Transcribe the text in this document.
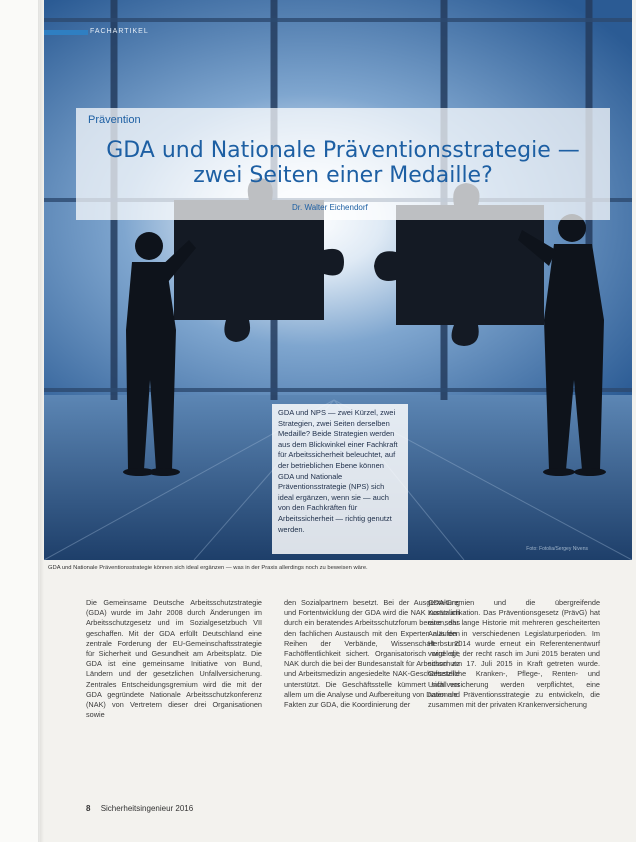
FACHARTIKEL
Prävention
GDA und Nationale Präventionsstrategie —
zwei Seiten einer Medaille?
Dr. Walter Eichendorf
GDA und NPS — zwei Kürzel, zwei Strategien, zwei Seiten derselben Medaille? Beide Strategien werden aus dem Blickwinkel einer Fachkraft für Arbeitssicherheit beleuchtet, auf der betrieblichen Ebene können GDA und Nationale Präventionsstrategie (NPS) sich ideal ergänzen, wenn sie — auch von den Fachkräften für Arbeitssicherheit — richtig genutzt werden.
Foto: Fotolia/Sergey Nivens
GDA und Nationale Präventionsstrategie können sich ideal ergänzen — was in der Praxis allerdings noch zu beweisen wäre.
Die Gemeinsame Deutsche Arbeitsschutzstrategie (GDA) wurde im Jahr 2008 durch Änderungen im Arbeitsschutzgesetz und im Sozialgesetzbuch VII geschaffen. Mit der GDA erfüllt Deutschland eine zentrale Forderung der EU-Gemeinschaftsstrategie für Sicherheit und Gesundheit am Arbeitsplatz. Die GDA ist eine gemeinsame Initiative von Bund, Ländern und der gesetzlichen Unfallversicherung. Zentrales Entscheidungsgremium wird die mit der GDA gegründete Nationale Arbeitsschutzkonferenz (NAK) von Vertretern dieser drei Organisationen sowie
den Sozialpartnern besetzt. Bei der Ausgestaltung und Fortentwicklung der GDA wird die NAK zusätzlich durch ein beratendes Arbeitsschutzforum beraten, das den fachlichen Austausch mit den Experten aus den Reihen der Verbände, Wissenschaft und Fachöffentlichkeit sichert. Organisatorisch wird die NAK durch die bei der Bundesanstalt für Arbeitsschutz und Arbeitsmedizin angesiedelte NAK-Geschäftsstelle unterstützt. Die Geschäftsstelle kümmert sich vor allem um die Analyse und Aufbereitung von Daten und Fakten zur GDA, die Koordinierung der
GDA-Gremien und die übergreifende Kommunikation. Das Präventionsgesetz (PrävG) hat eine sehr lange Historie mit mehreren gescheiterten Anläufen in verschiedenen Legislaturperioden. Im Herbst 2014 wurde erneut ein Referentenentwurf vorgelegt, der recht rasch im Juni 2015 beraten und schon am 17. Juli 2015 in Kraft getreten wurde. Gesetzliche Kranken-, Pflege-, Renten- und Unfallversicherung werden verpflichtet, eine nationale Präventionsstrategie zu entwickeln, die zusammen mit der privaten Krankenversicherung
8 Sicherheitsingenieur 2016
